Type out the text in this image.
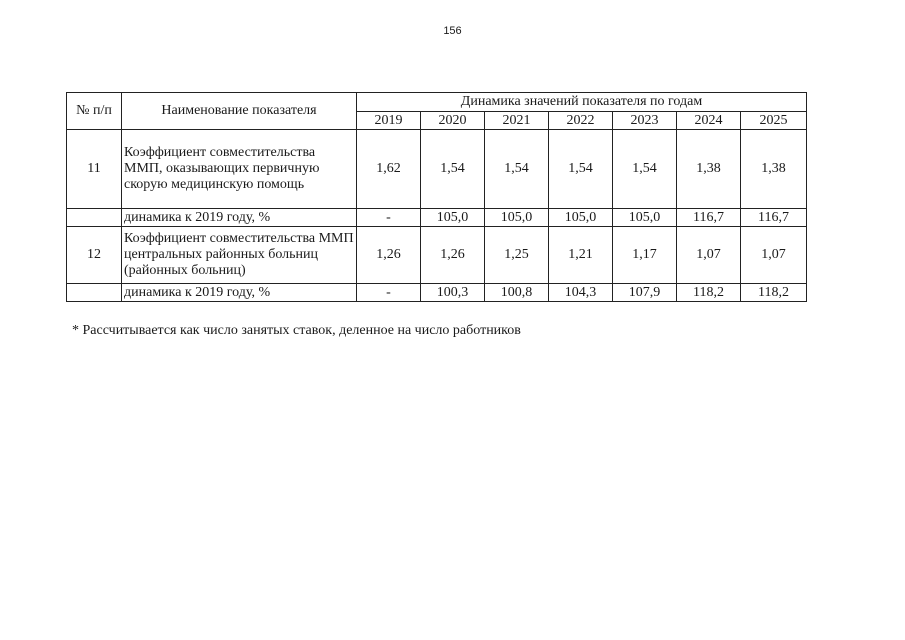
156
№ п/п	Наименование показателя	Динамика значений показателя по годам						
		2019	2020	2021	2022	2023	2024	2025
11	Коэффициент совместительства ММП, оказывающих первичную скорую медицинскую помощь	1,62	1,54	1,54	1,54	1,54	1,38	1,38
	динамика к 2019 году, %	-	105,0	105,0	105,0	105,0	116,7	116,7
12	Коэффициент совместительства ММП центральных районных больниц (районных больниц)	1,26	1,26	1,25	1,21	1,17	1,07	1,07
	динамика к 2019 году, %	-	100,3	100,8	104,3	107,9	118,2	118,2
* Рассчитывается как число занятых ставок, деленное на число работников
